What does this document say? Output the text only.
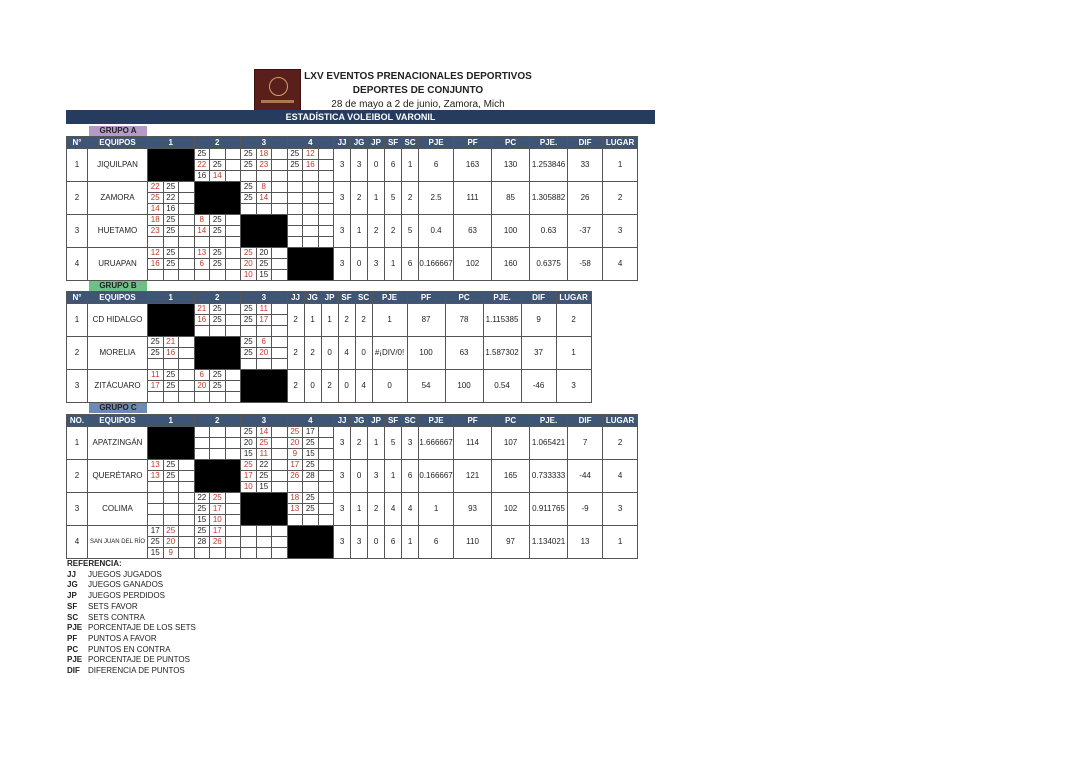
LXV EVENTOS PRENACIONALES DEPORTIVOS
DEPORTES DE CONJUNTO
28 de mayo a 2 de junio, Zamora, Mich
ESTADÍSTICA VOLEIBOL VARONIL
GRUPO A
N°	EQUIPOS	1			2			3			4			JJ	JG	JP	SF	SC	PJE	PF	PC	PJE.	DIF	LUGAR
1	JIQUILPAN				25			25	18		25	12		3	3	0	6	1	6	163	130	1.253846	33	1
					22	25		25	23		25	16												
					16	14																		
2	ZAMORA	22	25					25	8					3	2	1	5	2	2.5	111	85	1.305882	26	2
		25	22					25	14															
		14	16																					
3	HUETAMO	18	25		8	25								3	1	2	2	5	0.4	63	100	0.63	-37	3
		23	25		14	25																		

4	URUAPAN	12	25		13	25		25	20					3	0	3	1	6	0.166667	102	160	0.6375	-58	4
		16	25		6	25		20	25															
								10	15															
GRUPO B
N°	EQUIPOS	1			2			3			JJ	JG	JP	SF	SC	PJE	PF	PC	PJE.	DIF	LUGAR
1	CD HIDALGO				21	25		25	11		2	1	1	2	2	1	87	78	1.115385	9	2
					16	25		25	17												

2	MORELIA	25	21					25	6		2	2	0	4	0	#¡DIV/0!	100	63	1.587302	37	1
		25	16					25	20												

3	ZITÁCUARO	11	25		6	25					2	0	2	0	4	0	54	100	0.54	-46	3
		17	25		20	25															

GRUPO C
NO.	EQUIPOS	1			2			3			4			JJ	JG	JP	SF	SC	PJE	PF	PC	PJE.	DIF	LUGAR
1	APATZINGÁN							25	14		25	17		3	2	1	5	3	1.666667	114	107	1.065421	7	2
								20	25		20	25												
								15	11		9	15												
2	QUERÉTARO	13	25					25	22		17	25		3	0	3	1	6	0.166667	121	165	0.733333	-44	4
		13	25					17	25		26	28												
								10	15															
3	COLIMA				22	25					18	25		3	1	2	4	4	1	93	102	0.911765	-9	3
					25	17					13	25												
					15	10																		
4	SAN JUAN DEL RÍO	17	25		25	17								3	3	0	6	1	6	110	97	1.134021	13	1
		25	20		28	26																		
		15	9																					
REFERENCIA:
JJ JUEGOS JUGADOS
JG JUEGOS GANADOS
JP JUEGOS PERDIDOS
SF SETS FAVOR
SC SETS CONTRA
PJE PORCENTAJE DE LOS SETS
PF PUNTOS A FAVOR
PC PUNTOS EN CONTRA
PJE PORCENTAJE DE PUNTOS
DIF DIFERENCIA DE PUNTOS
